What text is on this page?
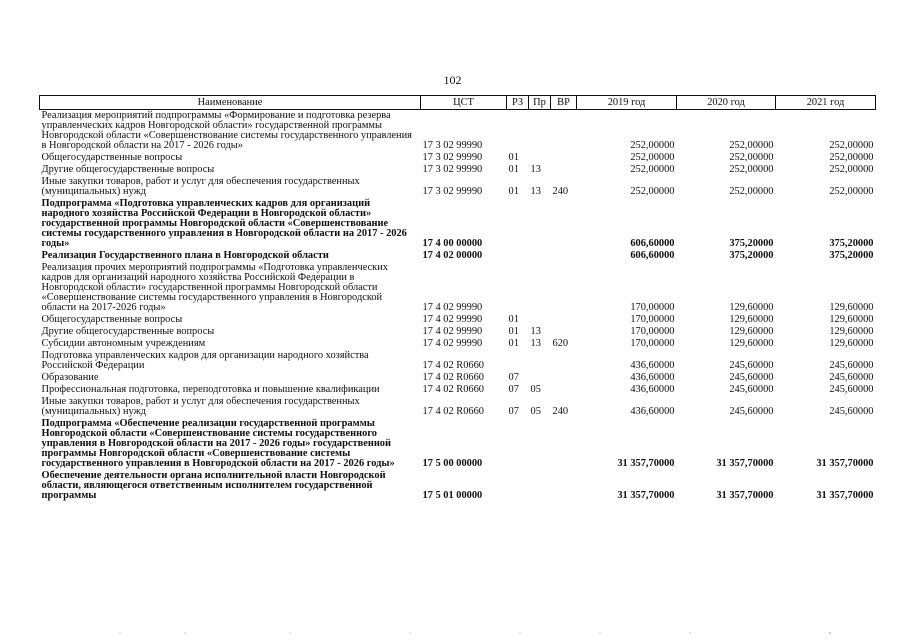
102
Наименование	ЦСТ	РЗ	Пр	ВР	2019 год	2020 год	2021 год
Реализация мероприятий подпрограммы «Формирование и подготовка резерва управленческих кадров Новгородской области» государственной программы Новгородской области «Совершенствование системы государственного управления в Новгородской области на 2017 - 2026 годы»	17 3 02 99990				252,00000	252,00000	252,00000
Общегосударственные вопросы	17 3 02 99990	01			252,00000	252,00000	252,00000
Другие общегосударственные вопросы	17 3 02 99990	01	13		252,00000	252,00000	252,00000
Иные закупки товаров, работ и услуг для обеспечения государственных (муниципальных) нужд	17 3 02 99990	01	13	240	252,00000	252,00000	252,00000
Подпрограмма «Подготовка управленческих кадров для организаций народного хозяйства Российской Федерации в Новгородской области» государственной программы Новгородской области «Совершенствование системы государственного управления в Новгородской области на 2017 - 2026 годы»	17 4 00 00000				606,60000	375,20000	375,20000
Реализация Государственного плана в Новгородской области	17 4 02 00000				606,60000	375,20000	375,20000
Реализация прочих мероприятий подпрограммы «Подготовка управленческих кадров для организаций народного хозяйства Российской Федерации в Новгородской области» государственной программы Новгородской области «Совершенствование системы государственного управления в Новгородской области на 2017-2026 годы»	17 4 02 99990				170,00000	129,60000	129,60000
Общегосударственные вопросы	17 4 02 99990	01			170,00000	129,60000	129,60000
Другие общегосударственные вопросы	17 4 02 99990	01	13		170,00000	129,60000	129,60000
Субсидии автономным учреждениям	17 4 02 99990	01	13	620	170,00000	129,60000	129,60000
Подготовка управленческих кадров для организации народного хозяйства Российской Федерации	17 4 02 R0660				436,60000	245,60000	245,60000
Образование	17 4 02 R0660	07			436,60000	245,60000	245,60000
Профессиональная подготовка, переподготовка и повышение квалификации	17 4 02 R0660	07	05		436,60000	245,60000	245,60000
Иные закупки товаров, работ и услуг для обеспечения государственных (муниципальных) нужд	17 4 02 R0660	07	05	240	436,60000	245,60000	245,60000
Подпрограмма «Обеспечение реализации государственной программы Новгородской области «Совершенствование системы государственного управления в Новгородской области на 2017 - 2026 годы» государственной программы Новгородской области «Совершенствование системы государственного управления в Новгородской области на 2017 - 2026 годы»	17 5 00 00000				31 357,70000	31 357,70000	31 357,70000
Обеспечение деятельности органа исполнительной власти Новгородской области, являющегося ответственным исполнителем государственной программы	17 5 01 00000				31 357,70000	31 357,70000	31 357,70000
